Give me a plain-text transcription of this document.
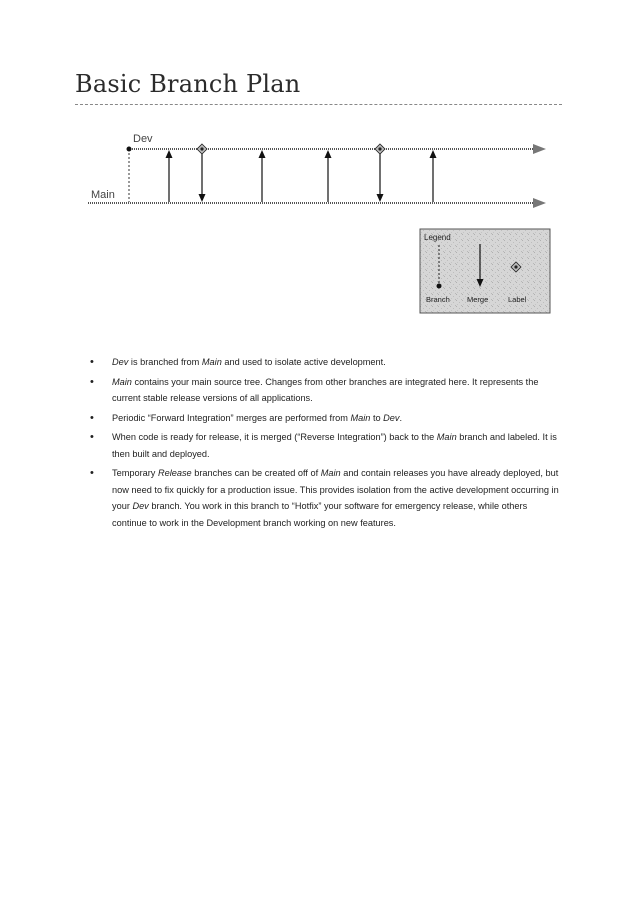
Basic Branch Plan
Dev
Main
Legend
Branch Merge	Label
• Dev is branched from Main and used to isolate active development.
• Main contains your main source tree. Changes from other branches are integrated here. It represents the current stable release versions of all applications.
• Periodic “Forward Integration” merges are performed from Main to Dev.
• When code is ready for release, it is merged (“Reverse Integration”) back to the Main branch and labeled. It is then built and deployed.
• Temporary Release branches can be created off of Main and contain releases you have already deployed, but now need to fix quickly for a production issue. This provides isolation from the active development occurring in your Dev branch. You work in this branch to “Hotfix” your software for emergency release, while others continue to work in the Development branch working on new features.
